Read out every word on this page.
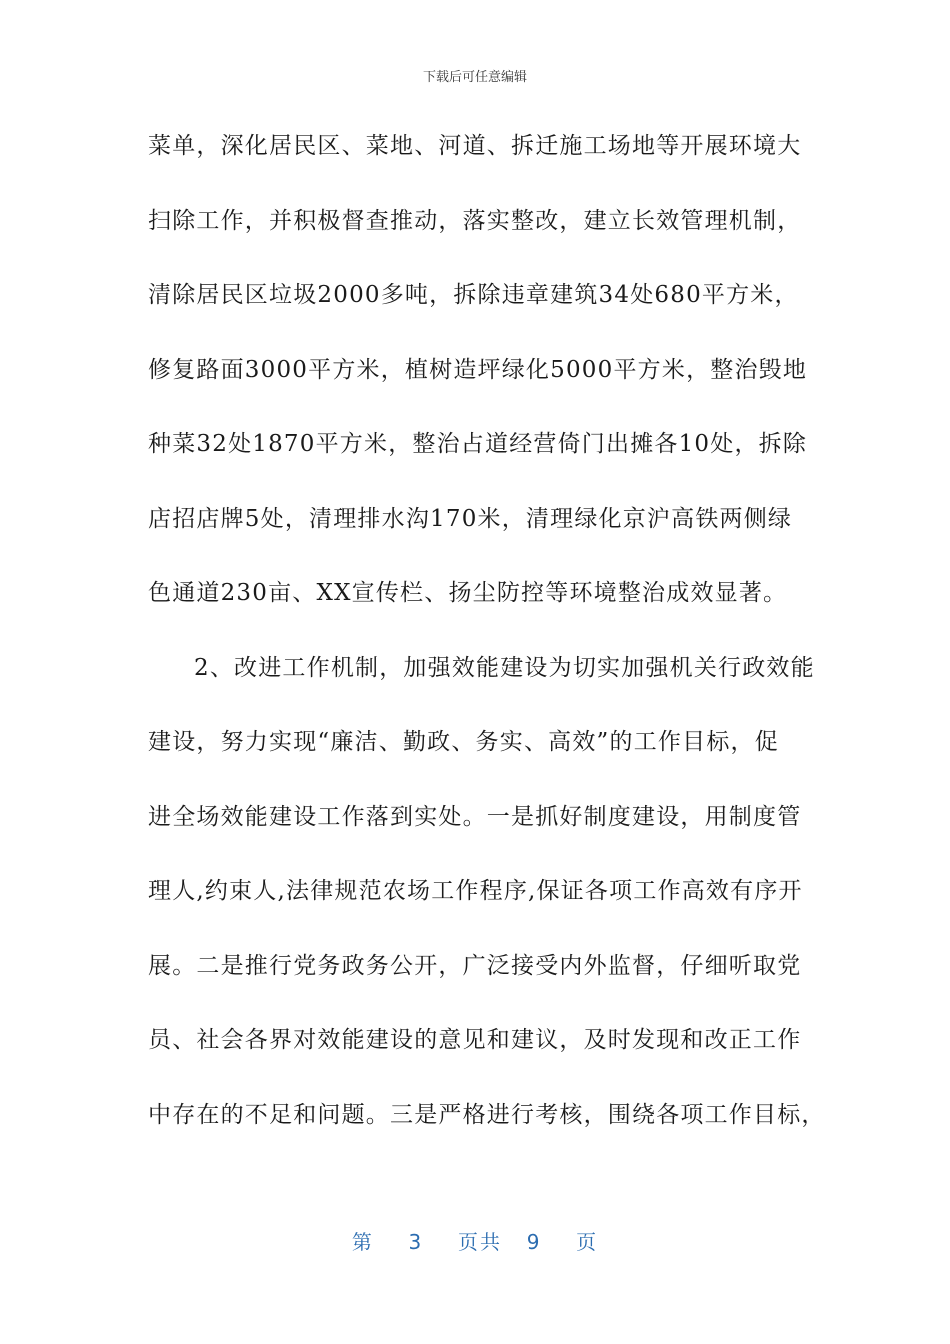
下载后可任意编辑
菜单，深化居民区、菜地、河道、拆迁施工场地等开展环境大
扫除工作，并积极督查推动，落实整改，建立长效管理机制，
清除居民区垃圾2000多吨，拆除违章建筑34处680平方米，
修复路面3000平方米，植树造坪绿化5000平方米，整治毁地
种菜32处1870平方米，整治占道经营倚门出摊各10处，拆除
店招店牌5处，清理排水沟170米，清理绿化京沪高铁两侧绿
色通道230亩、XX宣传栏、扬尘防控等环境整治成效显著。
2、改进工作机制，加强效能建设为切实加强机关行政效能
建设，努力实现“廉洁、勤政、务实、高效”的工作目标，促
进全场效能建设工作落到实处。一是抓好制度建设，用制度管
理人,约束人,法律规范农场工作程序,保证各项工作高效有序开
展。二是推行党务政务公开，广泛接受内外监督，仔细听取党
员、社会各界对效能建设的意见和建议，及时发现和改正工作
中存在的不足和问题。三是严格进行考核，围绕各项工作目标，
第 3 页共 9 页
